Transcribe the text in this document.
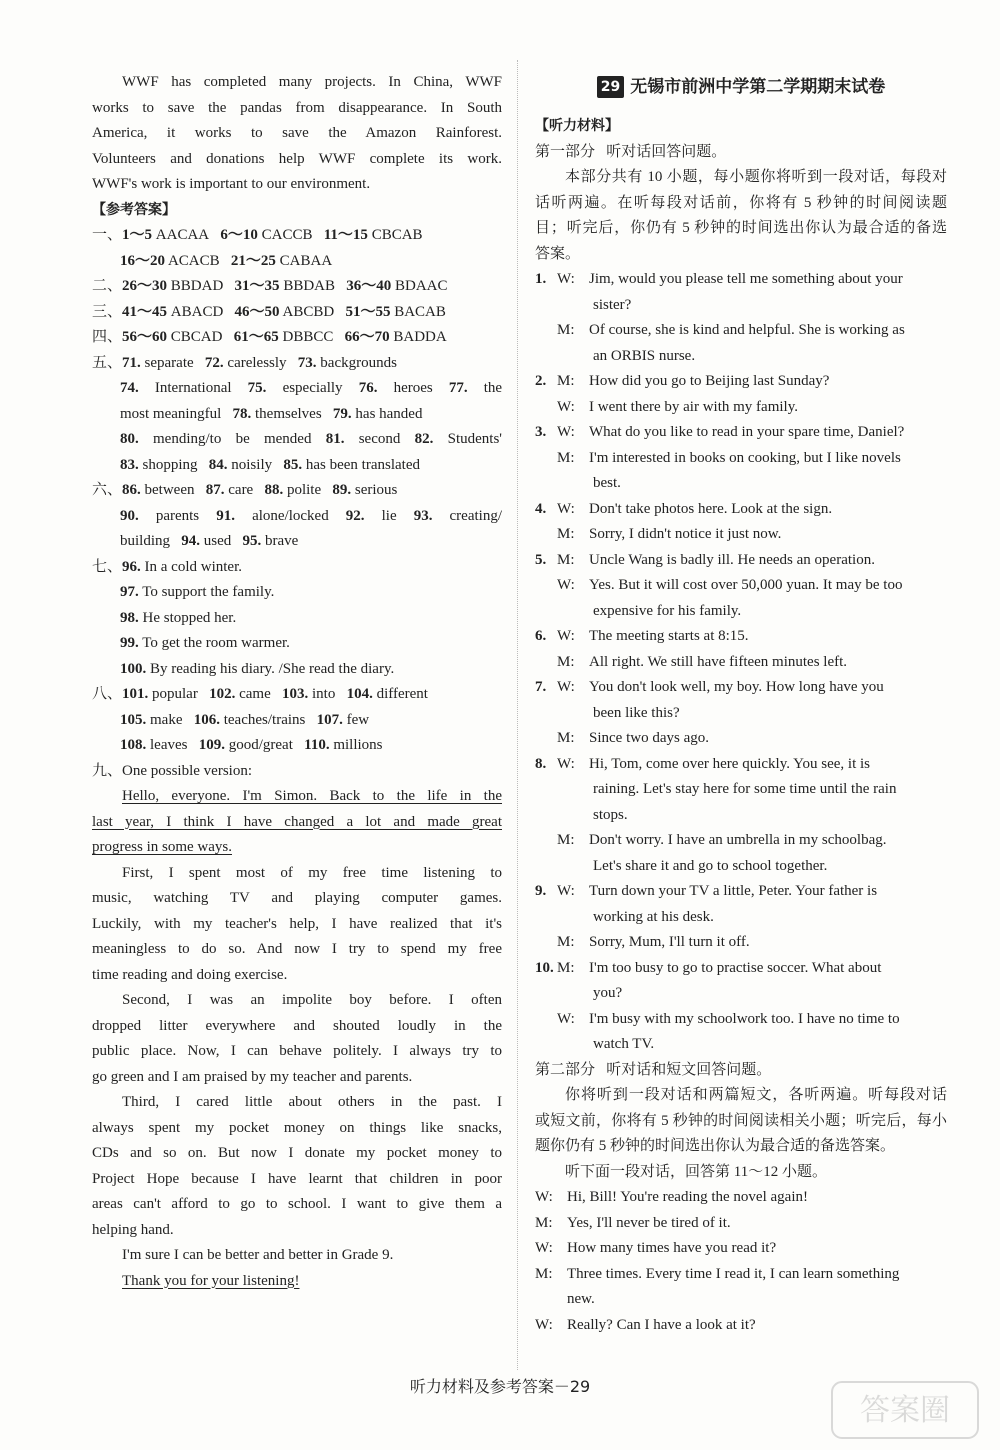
WWF has completed many projects. In China, WWF
works to save the pandas from disappearance. In South
America, it works to save the Amazon Rainforest.
Volunteers and donations help WWF complete its work.
WWF's work is important to our environment.
【参考答案】
一、1～5 AACAA 6～10 CACCB 11～15 CBCAB
16～20 ACACB 21～25 CABAA
二、26～30 BBDAD 31～35 BBDAB 36～40 BDAAC
三、41～45 ABACD 46～50 ABCBD 51～55 BACAB
四、56～60 CBCAD 61～65 DBBCC 66～70 BADDA
五、71. separate 72. carelessly 73. backgrounds
74. International 75. especially 76. heroes 77. the
most meaningful 78. themselves 79. has handed
80. mending/to be mended 81. second 82. Students'
83. shopping 84. noisily 85. has been translated
六、86. between 87. care 88. polite 89. serious
90. parents 91. alone/locked 92. lie 93. creating/
building 94. used 95. brave
七、96. In a cold winter.
97. To support the family.
98. He stopped her.
99. To get the room warmer.
100. By reading his diary. /She read the diary.
八、101. popular 102. came 103. into 104. different
105. make 106. teaches/trains 107. few
108. leaves 109. good/great 110. millions
九、One possible version:
Hello, everyone. I'm Simon. Back to the life in the
last year, I think I have changed a lot and made great
progress in some ways.
First, I spent most of my free time listening to
music, watching TV and playing computer games.
Luckily, with my teacher's help, I have realized that it's
meaningless to do so. And now I try to spend my free
time reading and doing exercise.
Second, I was an impolite boy before. I often
dropped litter everywhere and shouted loudly in the
public place. Now, I can behave politely. I always try to
go green and I am praised by my teacher and parents.
Third, I cared little about others in the past. I
always spent my pocket money on things like snacks,
CDs and so on. But now I donate my pocket money to
Project Hope because I have learnt that children in poor
areas can't afford to go to school. I want to give them a
helping hand.
I'm sure I can be better and better in Grade 9.
Thank you for your listening!
29 无锡市前洲中学第二学期期末试卷
【听力材料】
第一部分 听对话回答问题。
本部分共有 10 小题，每小题你将听到一段对话，每段对
话听两遍。在听每段对话前，你将有 5 秒钟的时间阅读题
目；听完后，你仍有 5 秒钟的时间选出你认为最合适的备选
答案。
1. W: Jim, would you please tell me something about your
sister?
M: Of course, she is kind and helpful. She is working as
an ORBIS nurse.
2. M: How did you go to Beijing last Sunday?
W: I went there by air with my family.
3. W: What do you like to read in your spare time, Daniel?
M: I'm interested in books on cooking, but I like novels
best.
4. W: Don't take photos here. Look at the sign.
M: Sorry, I didn't notice it just now.
5. M: Uncle Wang is badly ill. He needs an operation.
W: Yes. But it will cost over 50,000 yuan. It may be too
expensive for his family.
6. W: The meeting starts at 8:15.
M: All right. We still have fifteen minutes left.
7. W: You don't look well, my boy. How long have you
been like this?
M: Since two days ago.
8. W: Hi, Tom, come over here quickly. You see, it is
raining. Let's stay here for some time until the rain
stops.
M: Don't worry. I have an umbrella in my schoolbag.
Let's share it and go to school together.
9. W: Turn down your TV a little, Peter. Your father is
working at his desk.
M: Sorry, Mum, I'll turn it off.
10. M: I'm too busy to go to practise soccer. What about
you?
W: I'm busy with my schoolwork too. I have no time to
watch TV.
第二部分 听对话和短文回答问题。
你将听到一段对话和两篇短文，各听两遍。听每段对话
或短文前，你将有 5 秒钟的时间阅读相关小题；听完后，每小
题你仍有 5 秒钟的时间选出你认为最合适的备选答案。
听下面一段对话，回答第 11～12 小题。
W: Hi, Bill! You're reading the novel again!
M: Yes, I'll never be tired of it.
W: How many times have you read it?
M: Three times. Every time I read it, I can learn something
new.
W: Really? Can I have a look at it?
听力材料及参考答案－29
答案圈
